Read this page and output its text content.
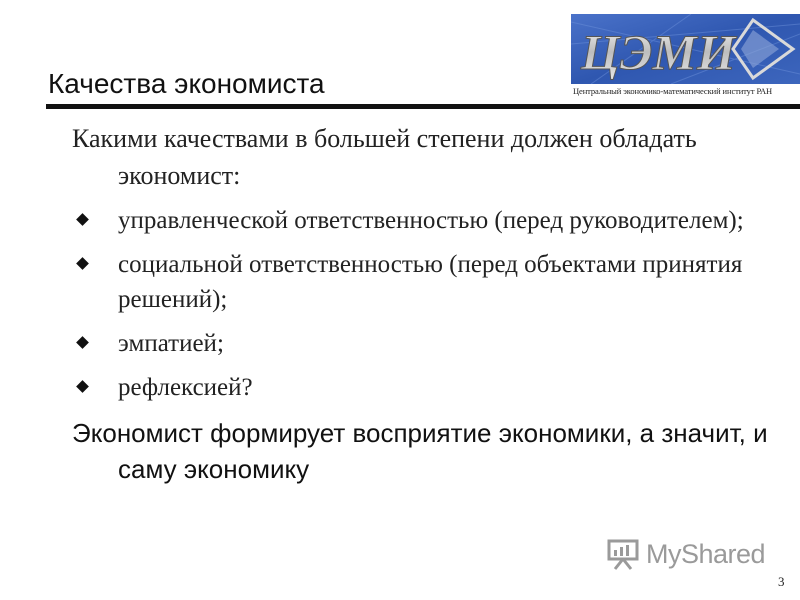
Качества экономиста
ЦЭМИ
Центральный экономико-математический институт РАН

Какими качествами в большей степени должен обладать экономист:

управленческой ответственностью (перед руководителем);
социальной ответственностью (перед объектами принятия решений);
эмпатией;
рефлексией?

Экономист формирует восприятие экономики, а значит, и саму экономику

MyShared
3
